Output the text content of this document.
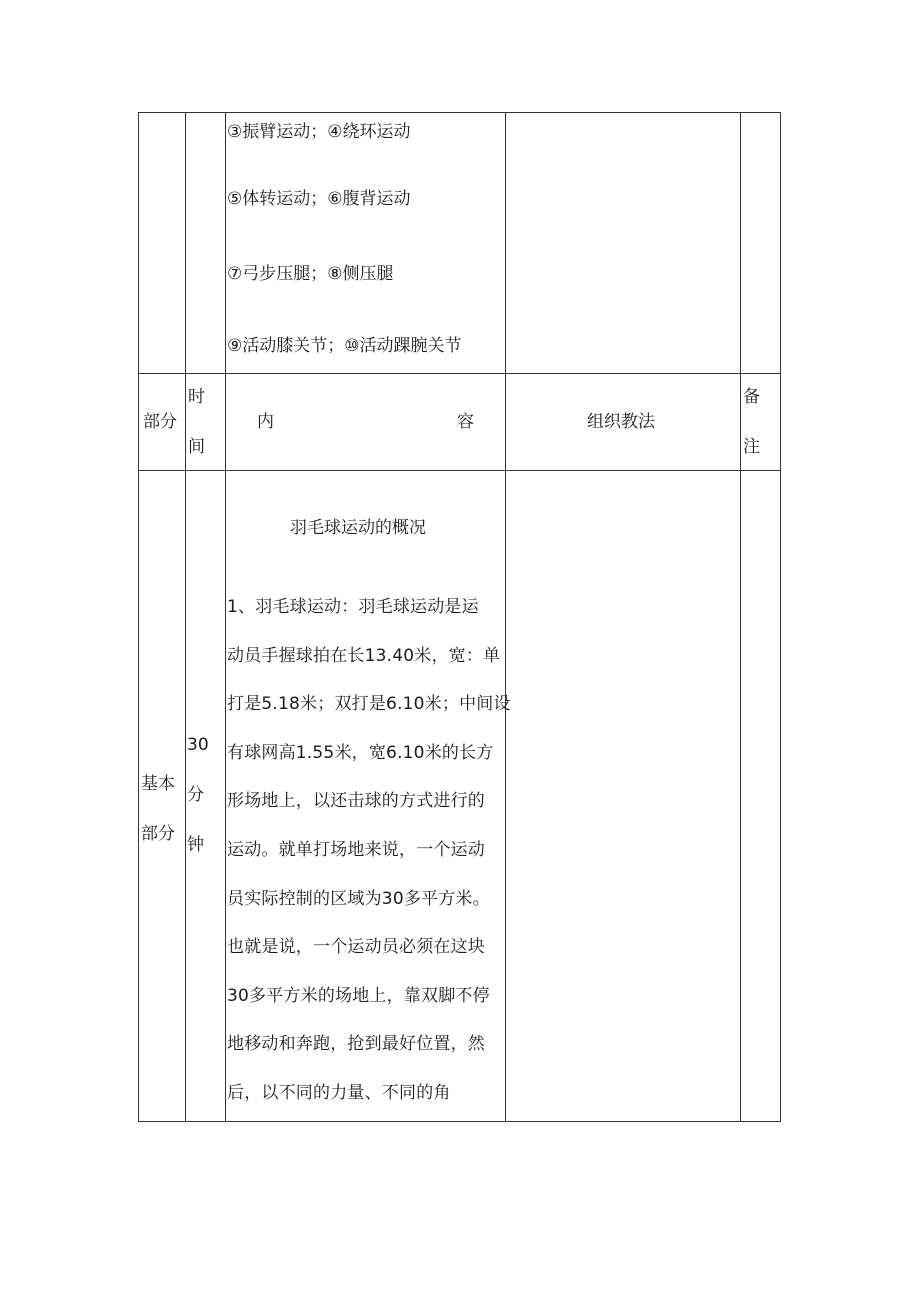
③振臂运动；④绕环运动
⑤体转运动；⑥腹背运动
⑦弓步压腿；⑧侧压腿
⑨活动膝关节；⑩活动踝腕关节
部分
时
间
内	容	组织教法
备
注
基本
部分
30
分
钟
羽毛球运动的概况
1、羽毛球运动：羽毛球运动是运
动员手握球拍在长13.40米，宽：单
打是5.18米；双打是6.10米；中间设
有球网高1.55米，宽6.10米的长方
形场地上，以还击球的方式进行的
运动。就单打场地来说，一个运动
员实际控制的区域为30多平方米。
也就是说，一个运动员必须在这块
30多平方米的场地上，靠双脚不停
地移动和奔跑，抢到最好位置，然
后，以不同的力量、不同的角
